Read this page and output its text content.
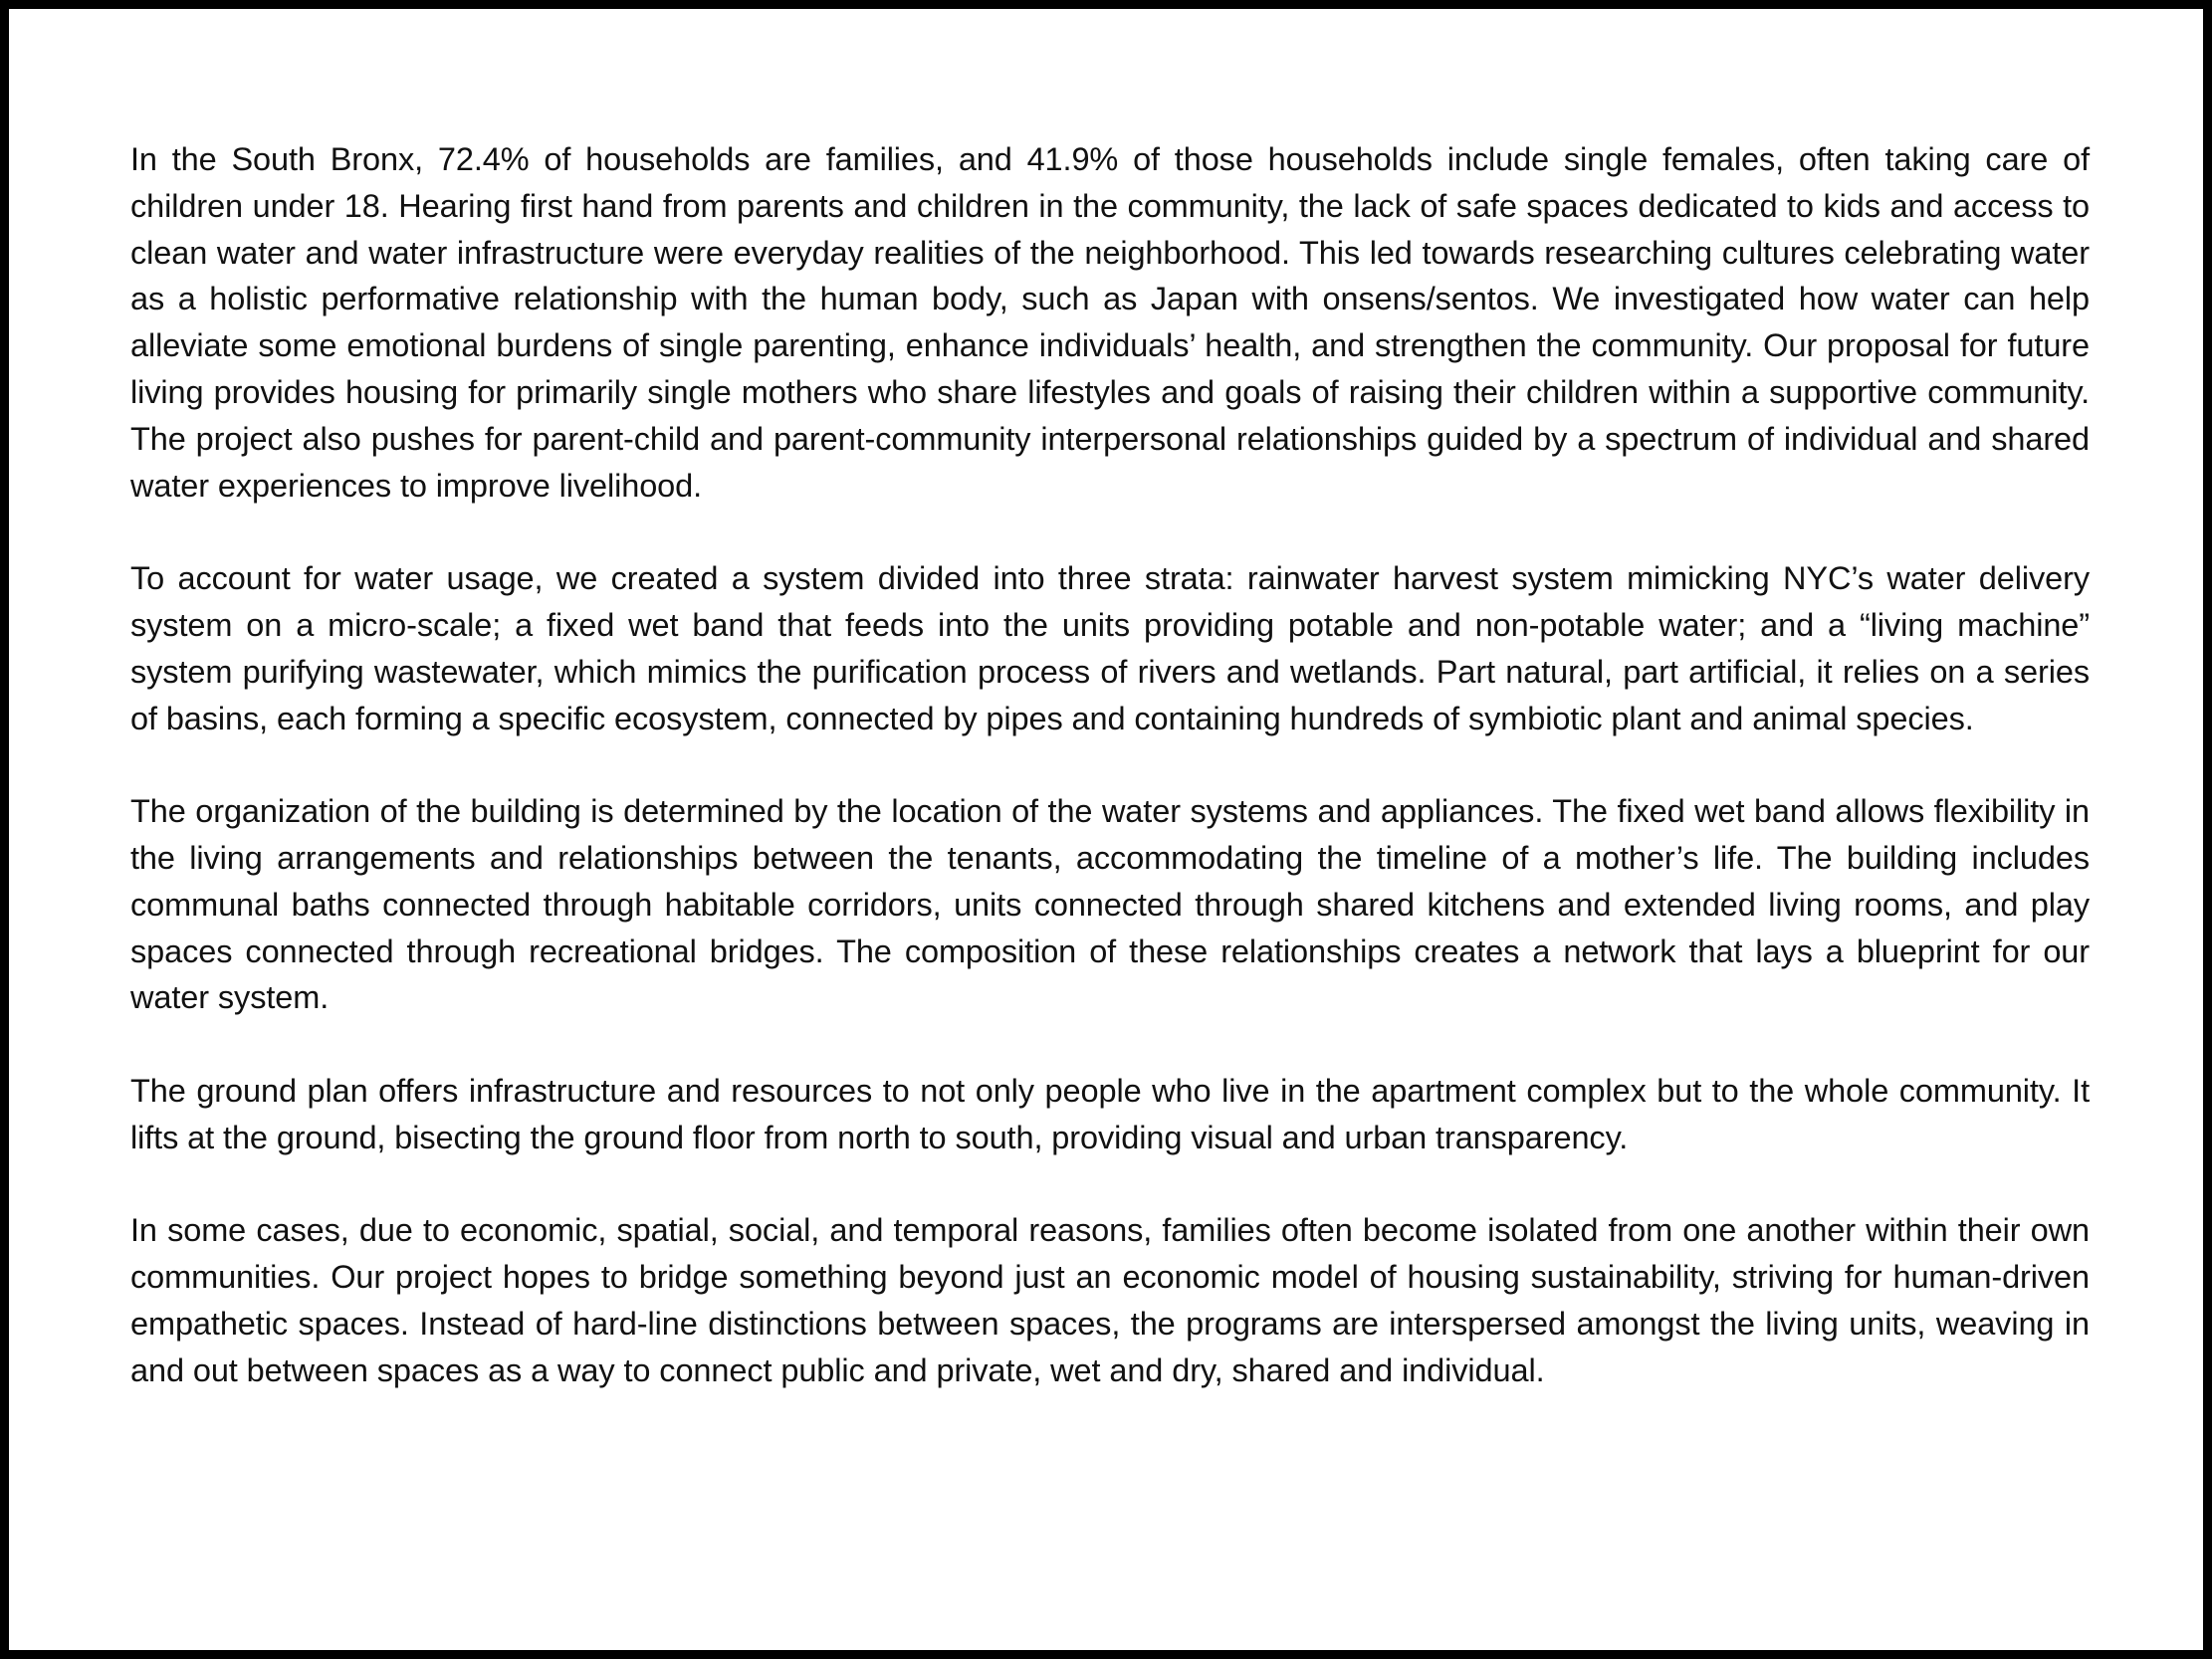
In the South Bronx, 72.4% of households are families, and 41.9% of those households include single females, often taking care of children under 18. Hearing first hand from parents and children in the community, the lack of safe spaces dedicated to kids and access to clean water and water infrastructure were everyday realities of the neighborhood. This led towards researching cultures celebrating water as a holistic performative relationship with the human body, such as Japan with onsens/sentos. We investigated how water can help alleviate some emotional burdens of single parenting, enhance individuals’ health, and strengthen the community. Our proposal for future living provides housing for primarily single mothers who share lifestyles and goals of raising their children within a supportive community. The project also pushes for parent-child and parent-community interpersonal relationships guided by a spectrum of individual and shared water experiences to improve livelihood.

To account for water usage, we created a system divided into three strata: rainwater harvest system mimicking NYC’s water delivery system on a micro-scale; a fixed wet band that feeds into the units providing potable and non-potable water; and a “living machine” system purifying wastewater, which mimics the purification process of rivers and wetlands. Part natural, part artificial, it relies on a series of basins, each forming a specific ecosystem, connected by pipes and containing hundreds of symbiotic plant and animal species.

The organization of the building is determined by the location of the water systems and appliances. The fixed wet band allows flexibility in the living arrangements and relationships between the tenants, accommodating the timeline of a mother’s life. The building includes communal baths connected through habitable corridors, units connected through shared kitchens and extended living rooms, and play spaces connected through recreational bridges. The composition of these relationships creates a network that lays a blueprint for our water system.

The ground plan offers infrastructure and resources to not only people who live in the apartment complex but to the whole community. It lifts at the ground, bisecting the ground floor from north to south, providing visual and urban transparency.

In some cases, due to economic, spatial, social, and temporal reasons, families often become isolated from one another within their own communities. Our project hopes to bridge something beyond just an economic model of housing sustainability, striving for human-driven empathetic spaces. Instead of hard-line distinctions between spaces, the programs are interspersed amongst the living units, weaving in and out between spaces as a way to connect public and private, wet and dry, shared and individual.
